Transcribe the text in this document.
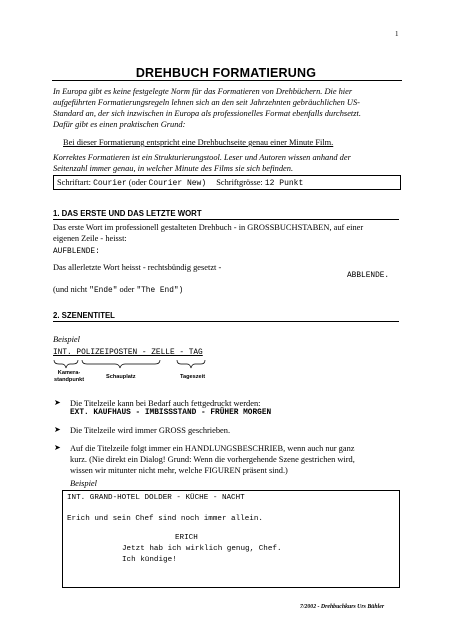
1
DREHBUCH FORMATIERUNG
In Europa gibt es keine festgelegte Norm für das Formatieren von Drehbüchern. Die hier
aufgeführten Formatierungsregeln lehnen sich an den seit Jahrzehnten gebräuchlichen US-
Standard an, der sich inzwischen in Europa als professionelles Format ebenfalls durchsetzt.
Dafür gibt es einen praktischen Grund:
Bei dieser Formatierung entspricht eine Drehbuchseite genau einer Minute Film.
Korrektes Formatieren ist ein Strukturierungstool. Leser und Autoren wissen anhand der
Seitenzahl immer genau, in welcher Minute des Films sie sich befinden.
Schriftart: Courier (oder Courier New) Schriftgrösse: 12 Punkt
1. DAS ERSTE UND DAS LETZTE WORT
Das erste Wort im professionell gestalteten Drehbuch - in GROSSBUCHSTABEN, auf einer
eigenen Zeile - heisst:
AUFBLENDE:
Das allerletzte Wort heisst - rechtsbündig gesetzt -
ABBLENDE.
(und nicht "Ende" oder "The End")
2. SZENENTITEL
Beispiel
INT. POLIZEIPOSTEN - ZELLE - TAG
Kamera-
standpunkt	Schauplatz	Tageszeit
➤ Die Titelzeile kann bei Bedarf auch fettgedruckt werden:
EXT. KAUFHAUS - IMBISSSTAND - FRÜHER MORGEN
➤ Die Titelzeile wird immer GROSS geschrieben.
➤ Auf die Titelzeile folgt immer ein HANDLUNGSBESCHRIEB, wenn auch nur ganz
kurz. (Nie direkt ein Dialog! Grund: Wenn die vorhergehende Szene gestrichen wird,
wissen wir mitunter nicht mehr, welche FIGUREN präsent sind.)
Beispiel
INT. GRAND-HOTEL DOLDER - KÜCHE - NACHT
Erich und sein Chef sind noch immer allein.
ERICH
Jetzt hab ich wirklich genug, Chef.
Ich kündige!
7/2002 - Drehbuchkurs Urs Bühler
